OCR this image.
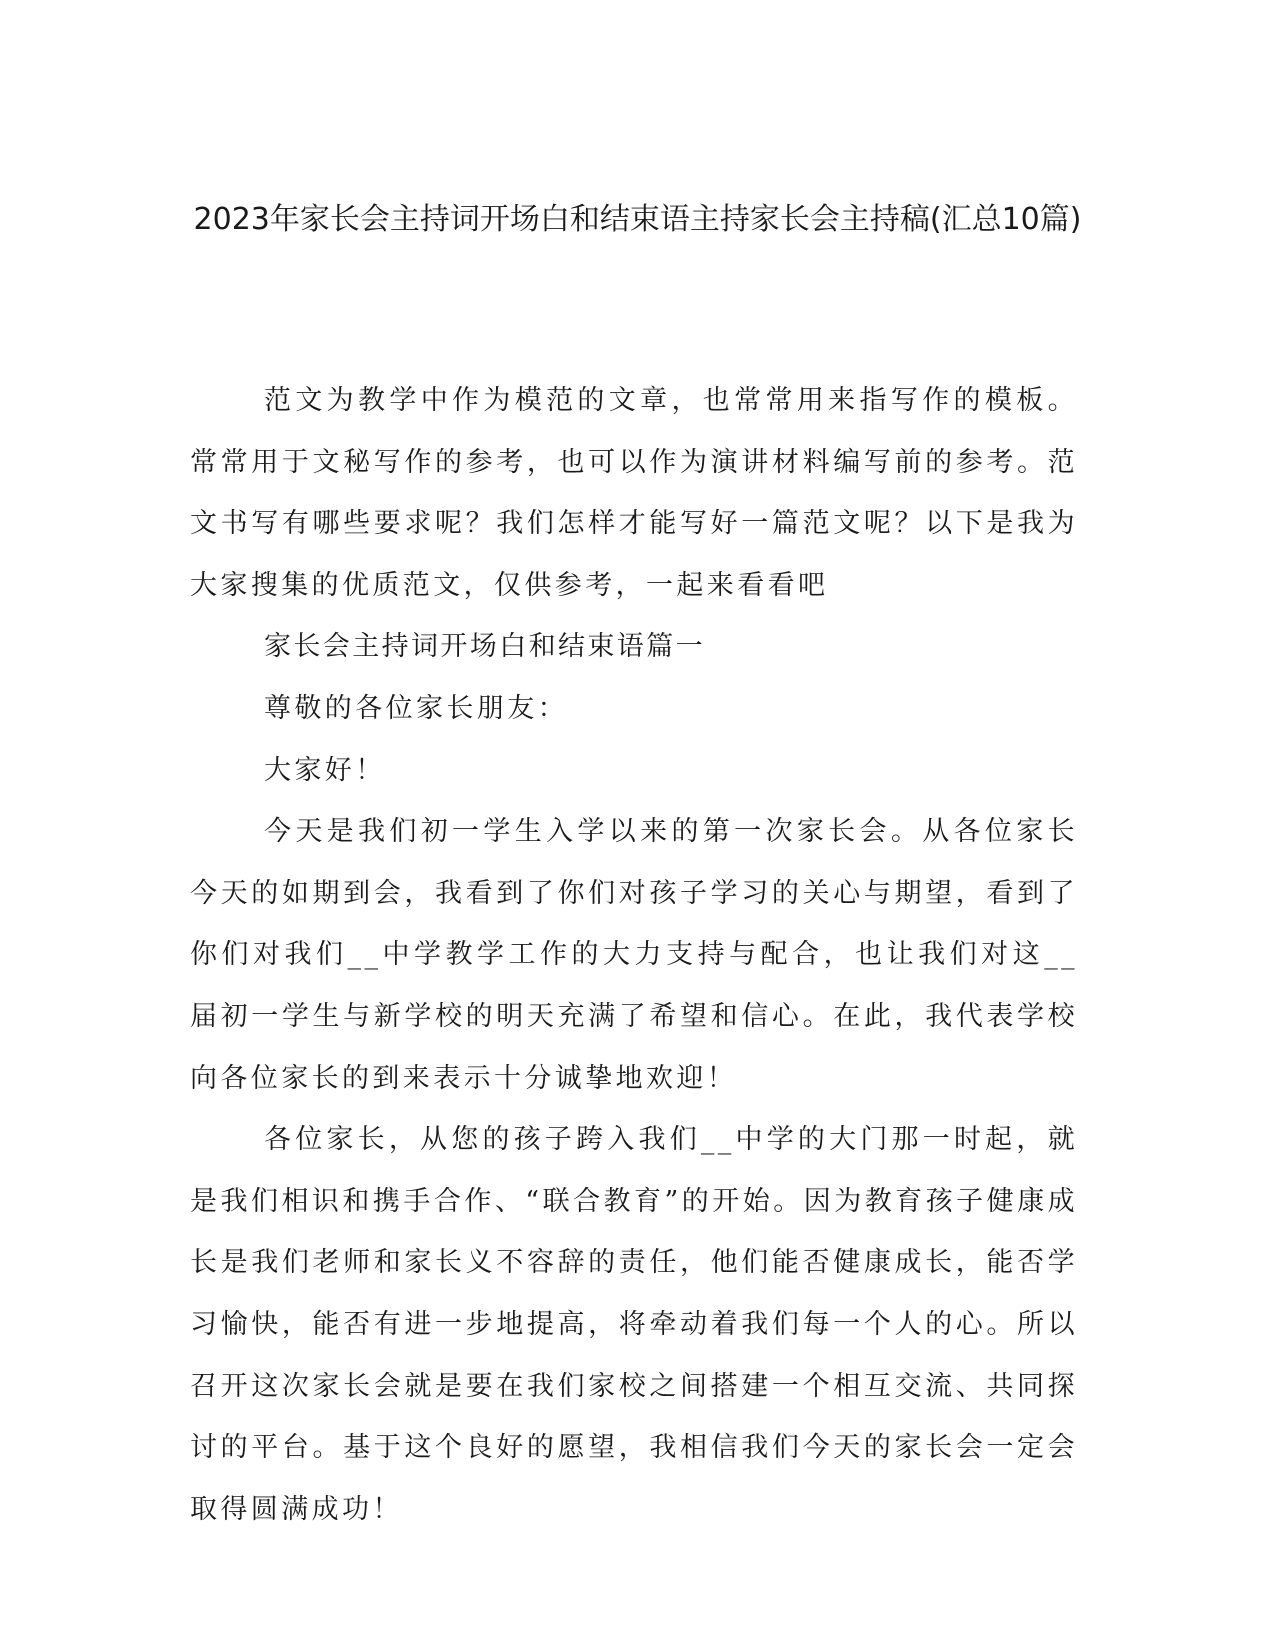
2023年家长会主持词开场白和结束语主持家长会主持稿(汇总10篇)

范文为教学中作为模范的文章，也常常用来指写作的模板。常常用于文秘写作的参考，也可以作为演讲材料编写前的参考。范文书写有哪些要求呢？我们怎样才能写好一篇范文呢？以下是我为大家搜集的优质范文，仅供参考，一起来看看吧

家长会主持词开场白和结束语篇一

尊敬的各位家长朋友：

大家好！

今天是我们初一学生入学以来的第一次家长会。从各位家长今天的如期到会，我看到了你们对孩子学习的关心与期望，看到了你们对我们__中学教学工作的大力支持与配合，也让我们对这__届初一学生与新学校的明天充满了希望和信心。在此，我代表学校向各位家长的到来表示十分诚挚地欢迎！

各位家长，从您的孩子跨入我们__中学的大门那一时起，就是我们相识和携手合作、“联合教育”的开始。因为教育孩子健康成长是我们老师和家长义不容辞的责任，他们能否健康成长，能否学习愉快，能否有进一步地提高，将牵动着我们每一个人的心。所以召开这次家长会就是要在我们家校之间搭建一个相互交流、共同探讨的平台。基于这个良好的愿望，我相信我们今天的家长会一定会取得圆满成功！
